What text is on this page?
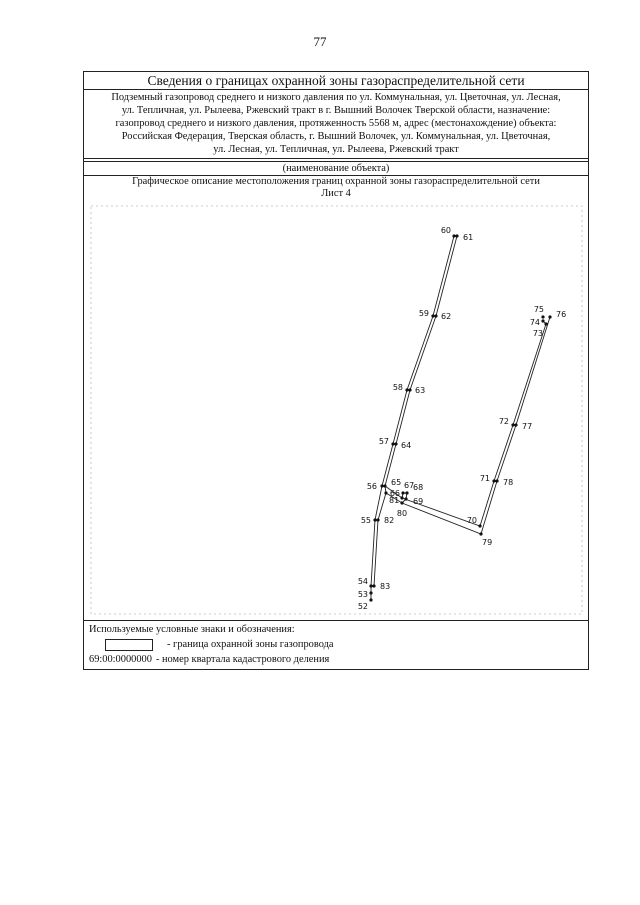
77
Сведения о границах охранной зоны газораспределительной сети
Подземный газопровод среднего и низкого давления по ул. Коммунальная, ул. Цветочная, ул. Лесная,
ул. Тепличная, ул. Рылеева, Ржевский тракт в г. Вышний Волочек Тверской области, назначение:
газопровод среднего и низкого давления, протяженность 5568 м, адрес (местонахождение) объекта:
Российская Федерация, Тверская область, г. Вышний Волочек, ул. Коммунальная, ул. Цветочная,
ул. Лесная, ул. Тепличная, ул. Рылеева, Ржевский тракт
(наименование объекта)
Графическое описание местоположения границ охранной зоны газораспределительной сети
Лист 4
52
53
54
55
56
57
58
59
60
61
62
63
64
65
66
67
68
69
70
71
72
73
74
75
76
77
78
79
80
81
82
83
Используемые условные знаки и обозначения:
- граница охранной зоны газопровода
69:00:0000000 - номер квартала кадастрового деления
